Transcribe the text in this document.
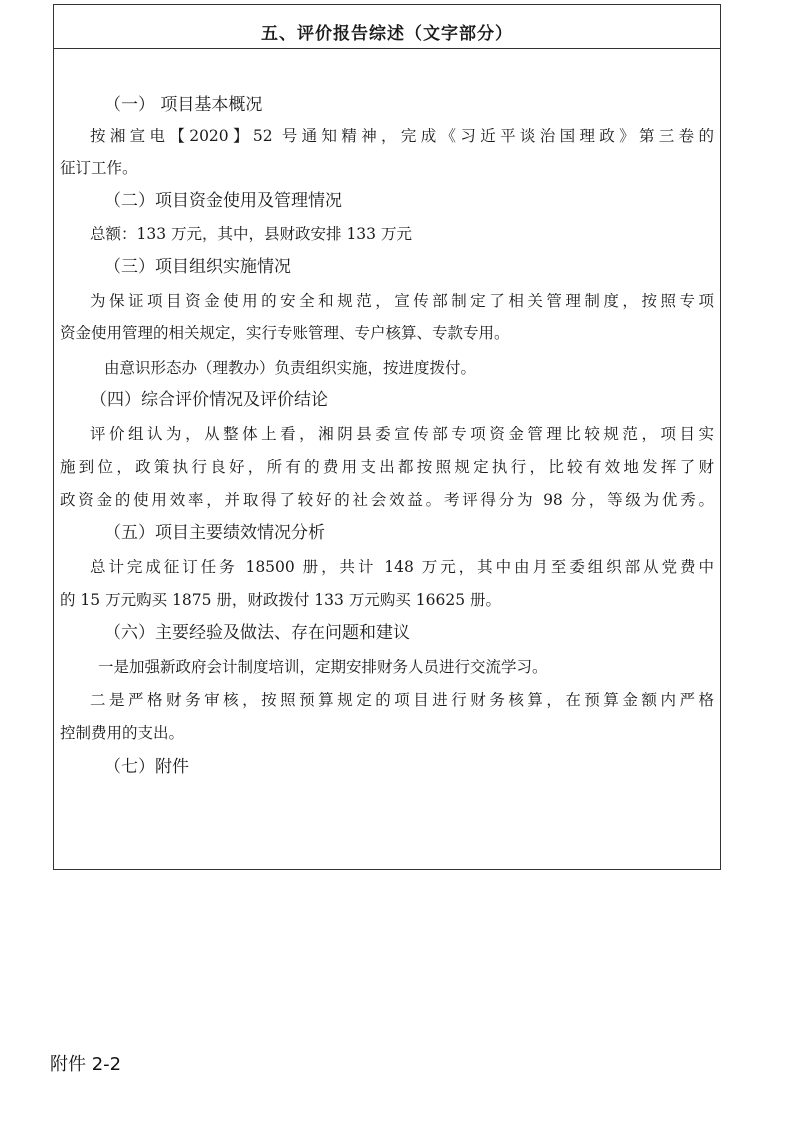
五、评价报告综述（文字部分）
（一） 项目基本概况
按湘宣电【2020】52 号通知精神，完成《习近平谈治国理政》第三卷的
征订工作。
（二）项目资金使用及管理情况
总额：133 万元，其中，县财政安排 133 万元
（三）项目组织实施情况
为保证项目资金使用的安全和规范，宣传部制定了相关管理制度，按照专项
资金使用管理的相关规定，实行专账管理、专户核算、专款专用。
由意识形态办（理教办）负责组织实施，按进度拨付。
（四）综合评价情况及评价结论
评价组认为，从整体上看，湘阴县委宣传部专项资金管理比较规范，项目实
施到位，政策执行良好，所有的费用支出都按照规定执行，比较有效地发挥了财
政资金的使用效率，并取得了较好的社会效益。考评得分为 98 分，等级为优秀。
（五）项目主要绩效情况分析
总计完成征订任务 18500 册，共计 148 万元，其中由月至委组织部从党费中
的 15 万元购买 1875 册，财政拨付 133 万元购买 16625 册。
（六）主要经验及做法、存在问题和建议
一是加强新政府会计制度培训，定期安排财务人员进行交流学习。
二是严格财务审核，按照预算规定的项目进行财务核算，在预算金额内严格
控制费用的支出。
（七）附件
附件 2-2
